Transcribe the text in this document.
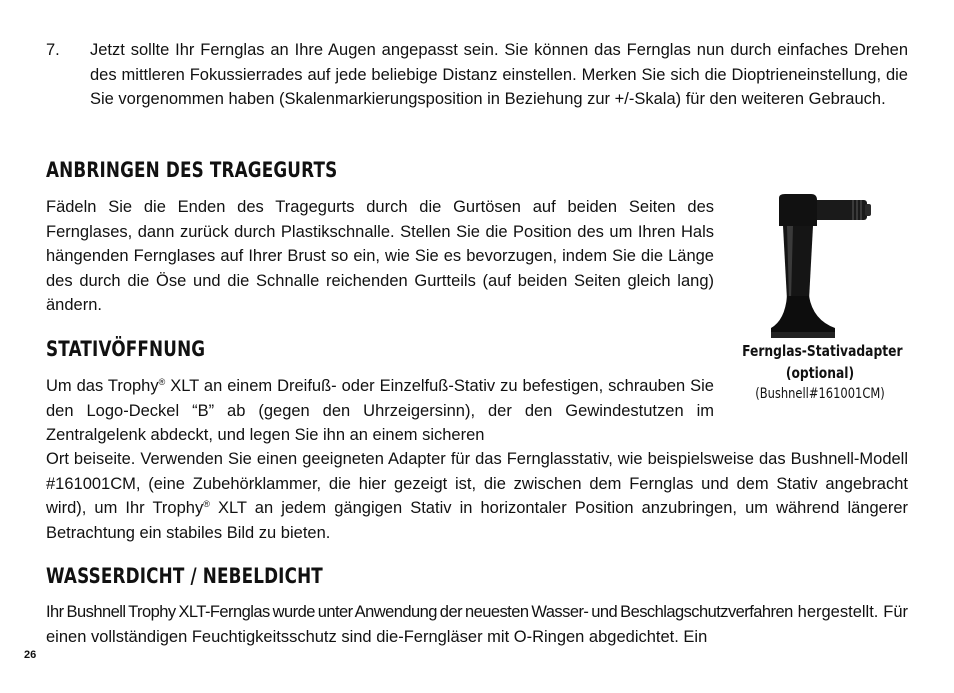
7. Jetzt sollte Ihr Fernglas an Ihre Augen angepasst sein. Sie können das Fernglas nun durch einfaches Drehen des mittleren Fokussierrades auf jede beliebige Distanz einstellen. Merken Sie sich die Dioptrieneinstellung, die Sie vorgenommen haben (Skalenmarkierungsposition in Beziehung zur +/-Skala) für den weiteren Gebrauch.

ANBRINGEN DES TRAGEGURTS

Fädeln Sie die Enden des Tragegurts durch die Gurtösen auf beiden Seiten des Fernglases, dann zurück durch Plastikschnalle. Stellen Sie die Position des um Ihren Hals hängenden Fernglases auf Ihrer Brust so ein, wie Sie es bevorzugen, indem Sie die Länge des durch die Öse und die Schnalle reichenden Gurtteils (auf beiden Seiten gleich lang) ändern.

Fernglas-Stativadapter

(optional)

(Bushnell#161001CM)

STATIVÖFFNUNG

Um das Trophy® XLT an einem Dreifuß- oder Einzelfuß-Stativ zu befestigen, schrauben Sie den Logo-Deckel “B” ab (gegen den Uhrzeigersinn), der den Gewindestutzen im Zentralgelenk abdeckt, und legen Sie ihn an einem sicheren

Ort beiseite. Verwenden Sie einen geeigneten Adapter für das Fernglasstativ, wie beispielsweise das Bushnell-Modell #161001CM, (eine Zubehörklammer, die hier gezeigt ist, die zwischen dem Fernglas und dem Stativ angebracht wird), um Ihr Trophy® XLT an jedem gängigen Stativ in horizontaler Position anzubringen, um während längerer Betrachtung ein stabiles Bild zu bieten.

WASSERDICHT / NEBELDICHT

Ihr Bushnell Trophy XLT-Fernglas wurde unter Anwendung der neuesten Wasser- und Beschlagschutzverfahren hergestellt. Für einen vollständigen Feuchtigkeitsschutz sind die-Ferngläser mit O-Ringen abgedichtet. Ein

26
